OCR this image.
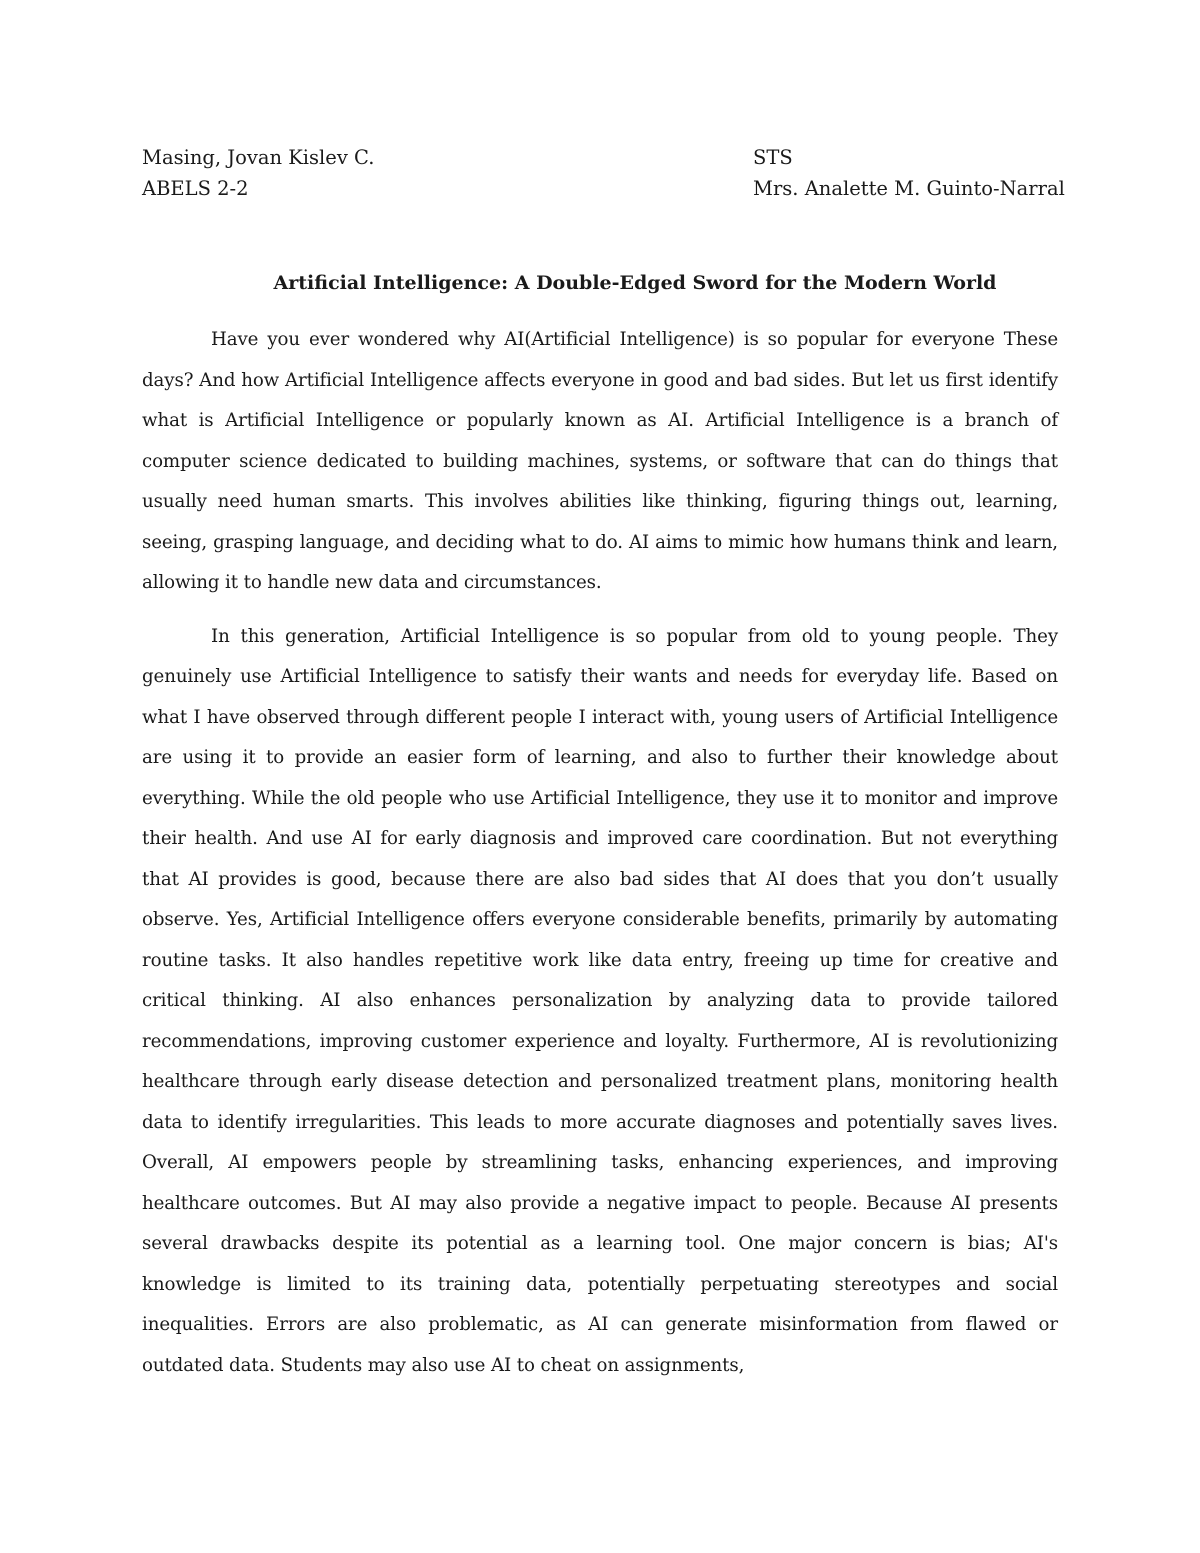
Masing, Jovan Kislev C.	STS
ABELS 2-2	Mrs. Analette M. Guinto-Narral
Artificial Intelligence: A Double-Edged Sword for the Modern World

Have you ever wondered why AI(Artificial Intelligence) is so popular for everyone These days? And how Artificial Intelligence affects everyone in good and bad sides. But let us first identify what is Artificial Intelligence or popularly known as AI. Artificial Intelligence is a branch of computer science dedicated to building machines, systems, or software that can do things that usually need human smarts. This involves abilities like thinking, figuring things out, learning, seeing, grasping language, and deciding what to do. AI aims to mimic how humans think and learn, allowing it to handle new data and circumstances.

In this generation, Artificial Intelligence is so popular from old to young people. They genuinely use Artificial Intelligence to satisfy their wants and needs for everyday life. Based on what I have observed through different people I interact with, young users of Artificial Intelligence are using it to provide an easier form of learning, and also to further their knowledge about everything. While the old people who use Artificial Intelligence, they use it to monitor and improve their health. And use AI for early diagnosis and improved care coordination. But not everything that AI provides is good, because there are also bad sides that AI does that you don’t usually observe. Yes, Artificial Intelligence offers everyone considerable benefits, primarily by automating routine tasks. It also handles repetitive work like data entry, freeing up time for creative and critical thinking. AI also enhances personalization by analyzing data to provide tailored recommendations, improving customer experience and loyalty. Furthermore, AI is revolutionizing healthcare through early disease detection and personalized treatment plans, monitoring health data to identify irregularities. This leads to more accurate diagnoses and potentially saves lives. Overall, AI empowers people by streamlining tasks, enhancing experiences, and improving healthcare outcomes. But AI may also provide a negative impact to people. Because AI presents several drawbacks despite its potential as a learning tool. One major concern is bias; AI's knowledge is limited to its training data, potentially perpetuating stereotypes and social inequalities. Errors are also problematic, as AI can generate misinformation from flawed or outdated data. Students may also use AI to cheat on assignments,
